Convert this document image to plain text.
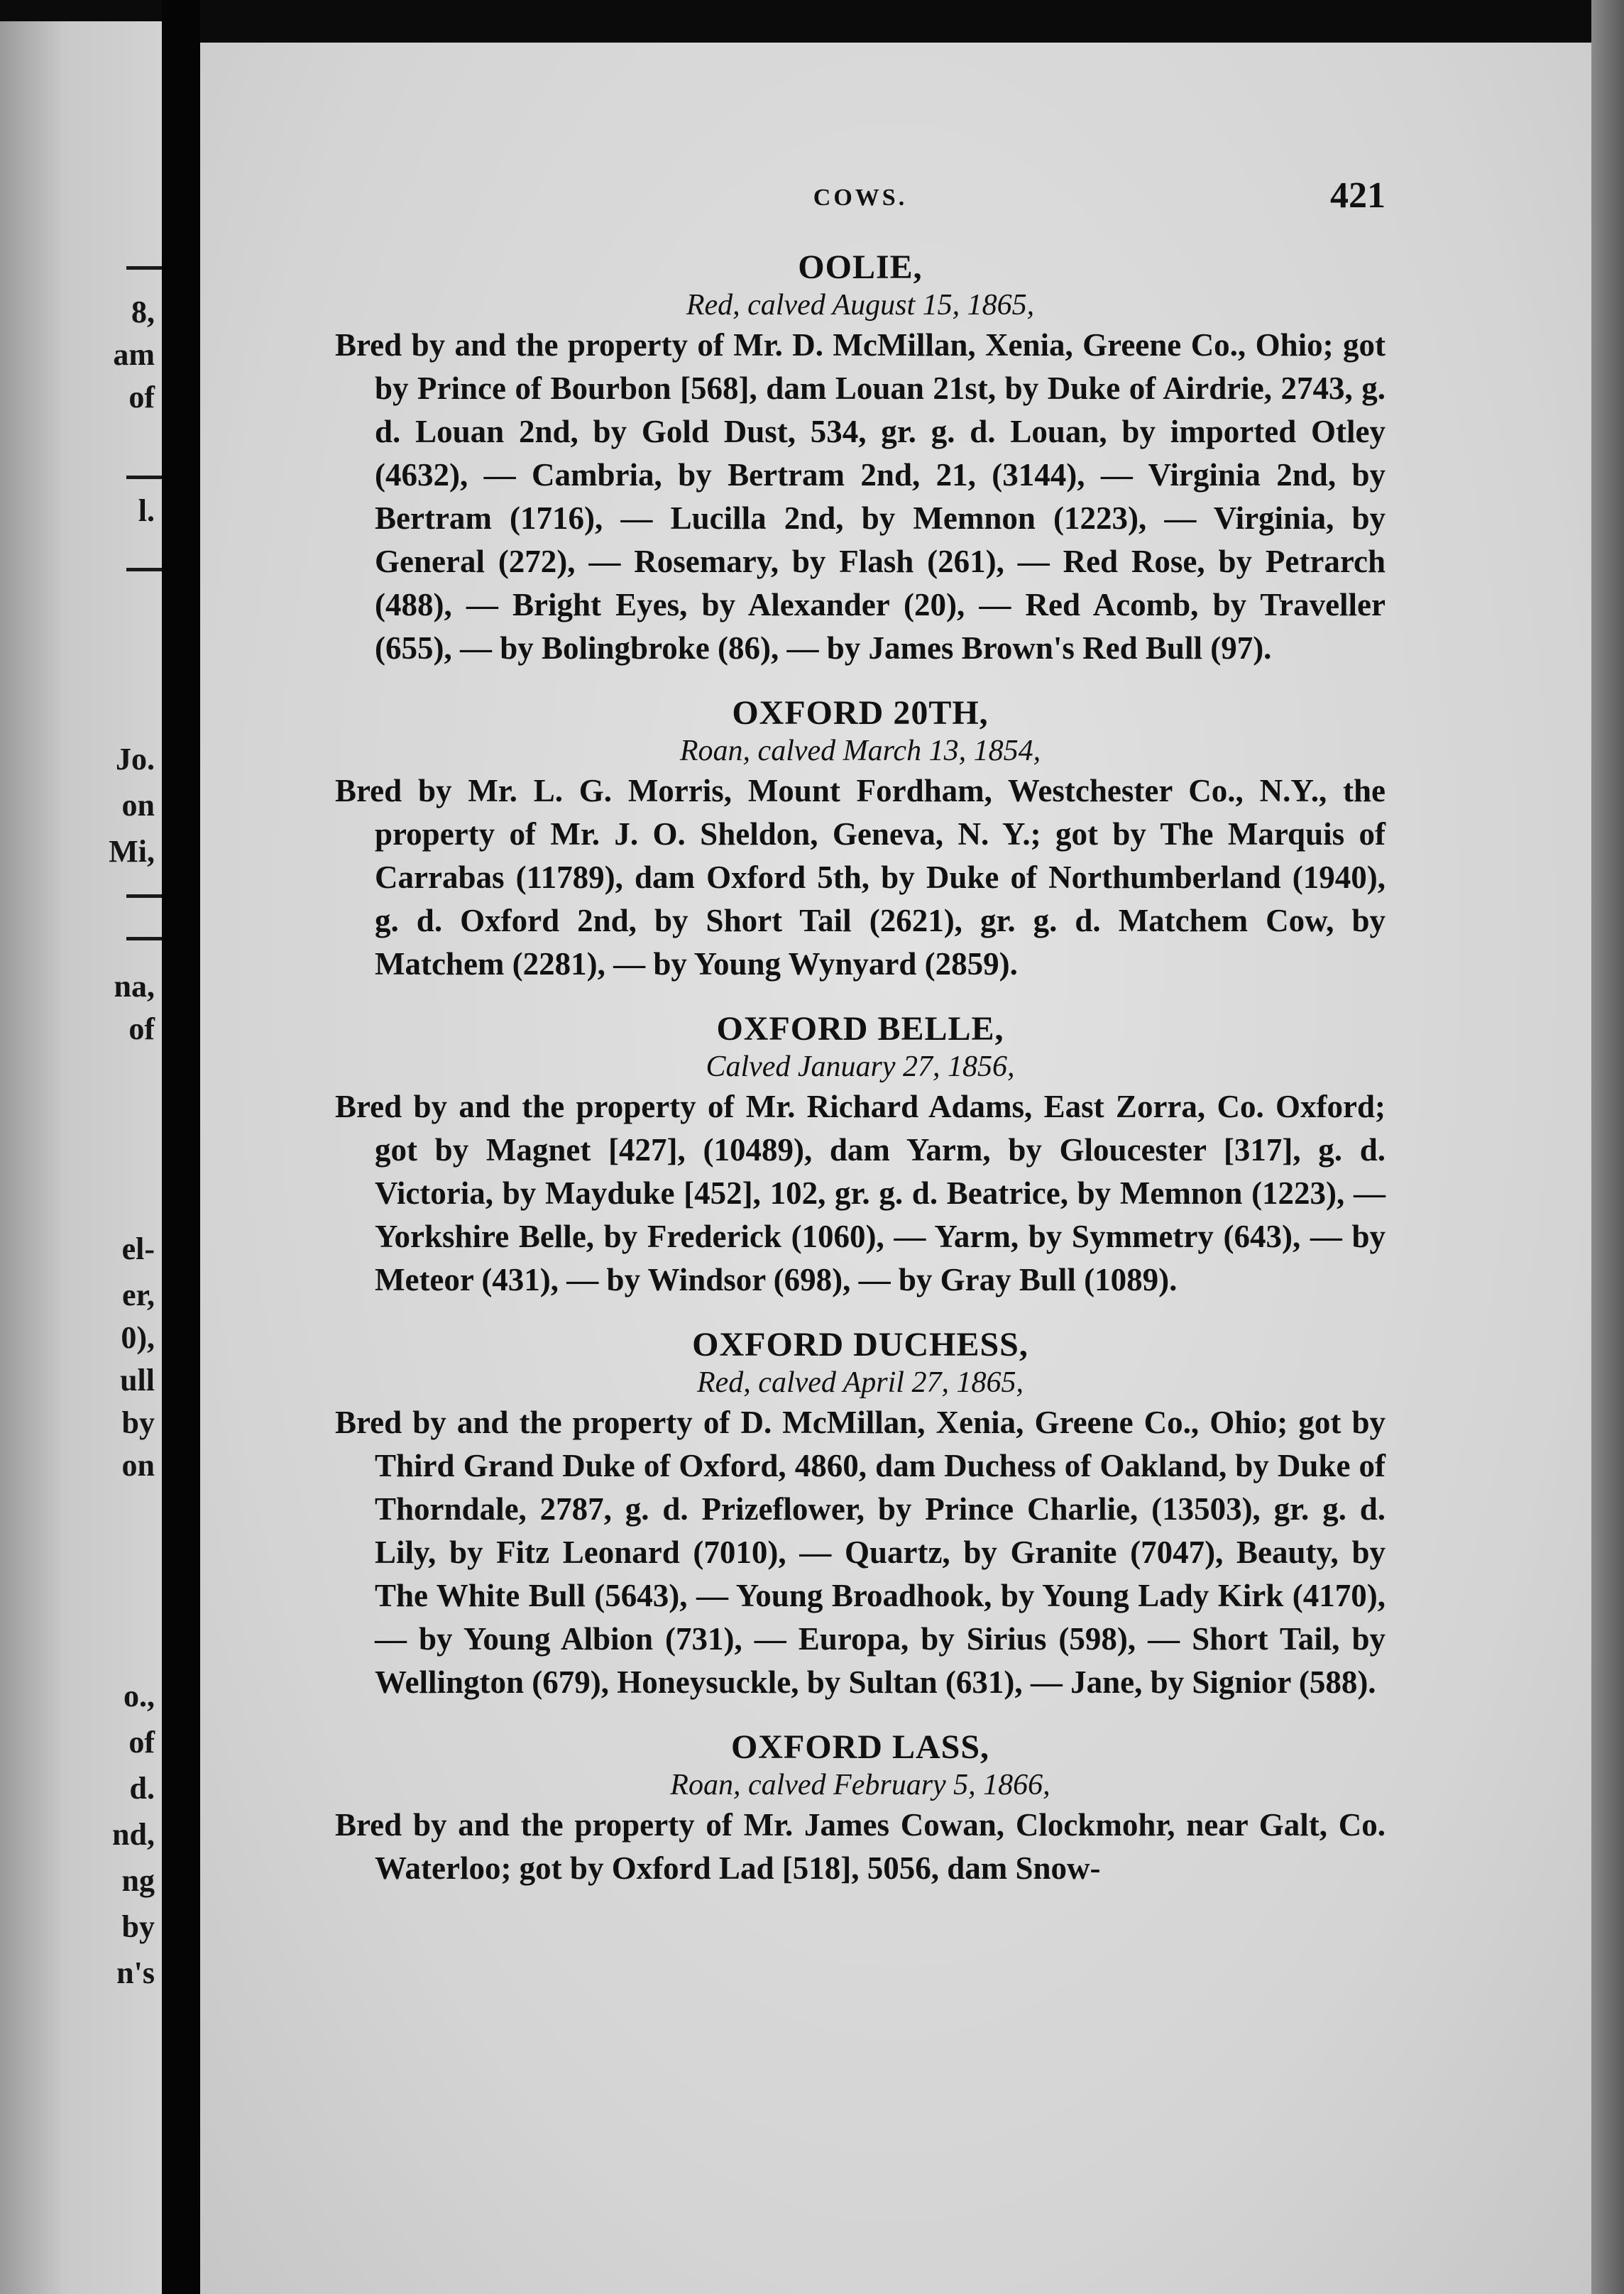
8,
am
of
l.
Jo.
on
Mi,
na,
of
el-
er,
0),
ull
by
on
o.,
of
d.
nd,
ng
by
n's
COWS.	421
OOLIE,
Red, calved August 15, 1865,
Bred by and the property of Mr. D. McMillan, Xenia, Greene Co., Ohio; got by Prince of Bourbon [568], dam Louan 21st, by Duke of Airdrie, 2743, g. d. Louan 2nd, by Gold Dust, 534, gr. g. d. Louan, by imported Otley (4632), — Cambria, by Bertram 2nd, 21, (3144), — Virginia 2nd, by Bertram (1716), — Lucilla 2nd, by Memnon (1223), — Virginia, by General (272), — Rosemary, by Flash (261), — Red Rose, by Petrarch (488), — Bright Eyes, by Alexander (20), — Red Acomb, by Traveller (655), — by Bolingbroke (86), — by James Brown's Red Bull (97).
OXFORD 20TH,
Roan, calved March 13, 1854,
Bred by Mr. L. G. Morris, Mount Fordham, Westchester Co., N.Y., the property of Mr. J. O. Sheldon, Geneva, N. Y.; got by The Marquis of Carrabas (11789), dam Oxford 5th, by Duke of Northumberland (1940), g. d. Oxford 2nd, by Short Tail (2621), gr. g. d. Matchem Cow, by Matchem (2281), — by Young Wynyard (2859).
OXFORD BELLE,
Calved January 27, 1856,
Bred by and the property of Mr. Richard Adams, East Zorra, Co. Oxford; got by Magnet [427], (10489), dam Yarm, by Gloucester [317], g. d. Victoria, by Mayduke [452], 102, gr. g. d. Beatrice, by Memnon (1223), — Yorkshire Belle, by Frederick (1060), — Yarm, by Symmetry (643), — by Meteor (431), — by Windsor (698), — by Gray Bull (1089).
OXFORD DUCHESS,
Red, calved April 27, 1865,
Bred by and the property of D. McMillan, Xenia, Greene Co., Ohio; got by Third Grand Duke of Oxford, 4860, dam Duchess of Oakland, by Duke of Thorndale, 2787, g. d. Prizeflower, by Prince Charlie, (13503), gr. g. d. Lily, by Fitz Leonard (7010), — Quartz, by Granite (7047), Beauty, by The White Bull (5643), — Young Broadhook, by Young Lady Kirk (4170), — by Young Albion (731), — Europa, by Sirius (598), — Short Tail, by Wellington (679), Honeysuckle, by Sultan (631), — Jane, by Signior (588).
OXFORD LASS,
Roan, calved February 5, 1866,
Bred by and the property of Mr. James Cowan, Clockmohr, near Galt, Co. Waterloo; got by Oxford Lad [518], 5056, dam Snow-
